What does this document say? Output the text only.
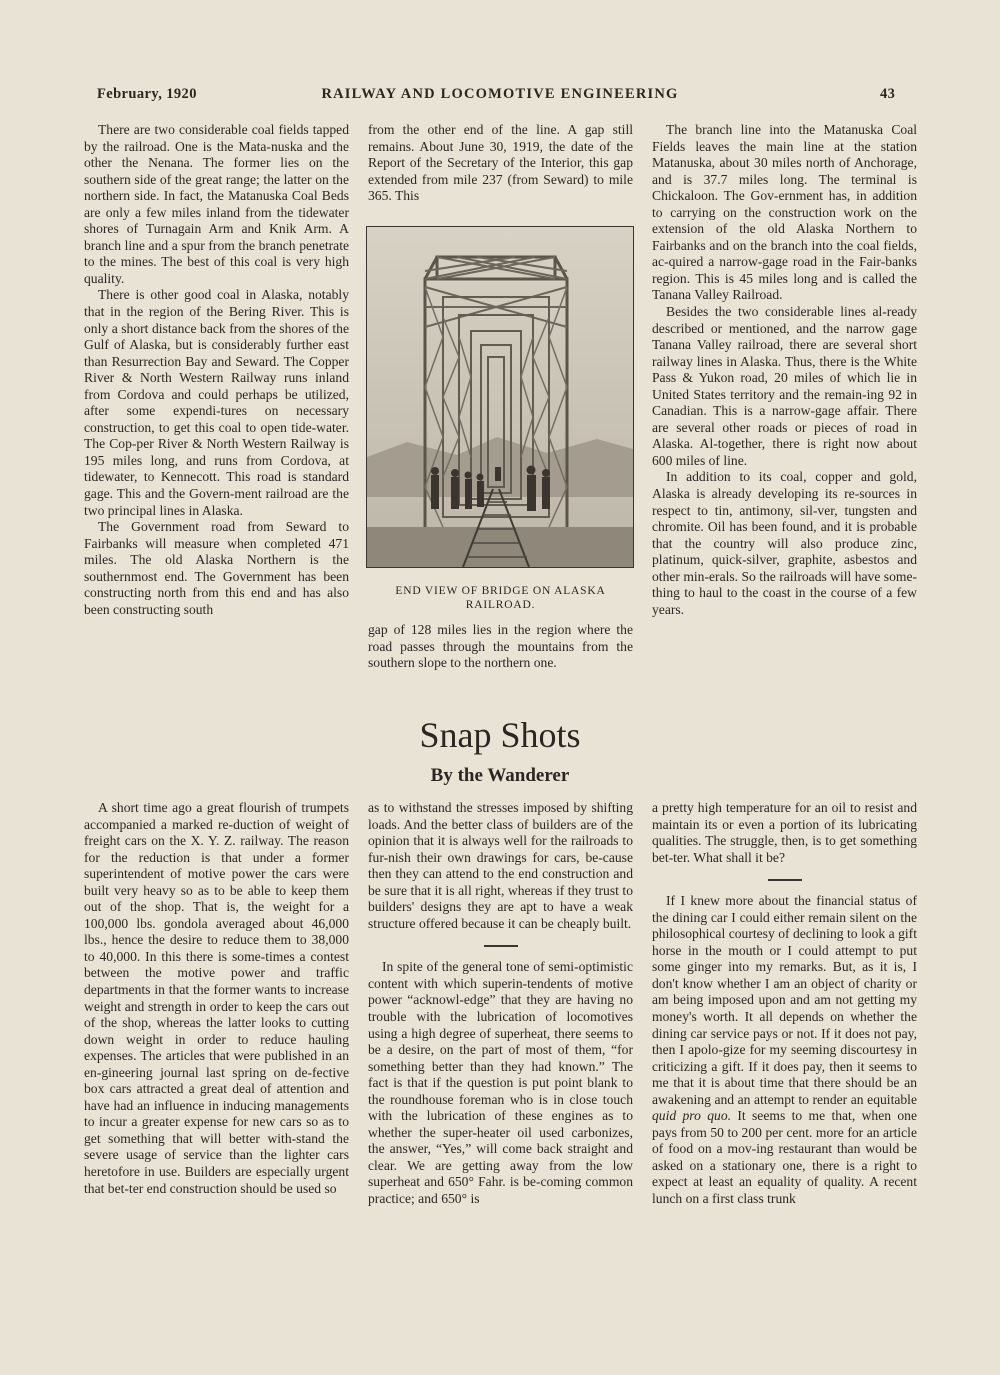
February, 1920	RAILWAY AND LOCOMOTIVE ENGINEERING	43

There are two considerable coal fields tapped by the railroad. One is the Mata-nuska and the other the Nenana. The former lies on the southern side of the great range; the latter on the northern side. In fact, the Matanuska Coal Beds are only a few miles inland from the tidewater shores of Turnagain Arm and Knik Arm. A branch line and a spur from the branch penetrate to the mines. The best of this coal is very high quality.

There is other good coal in Alaska, notably that in the region of the Bering River. This is only a short distance back from the shores of the Gulf of Alaska, but is considerably further east than Resurrection Bay and Seward. The Copper River & North Western Railway runs inland from Cordova and could perhaps be utilized, after some expendi-tures on necessary construction, to get this coal to open tide-water. The Cop-per River & North Western Railway is 195 miles long, and runs from Cordova, at tidewater, to Kennecott. This road is standard gage. This and the Govern-ment railroad are the two principal lines in Alaska.

The Government road from Seward to Fairbanks will measure when completed 471 miles. The old Alaska Northern is the southernmost end. The Government has been constructing north from this end and has also been constructing south

from the other end of the line. A gap still remains. About June 30, 1919, the date of the Report of the Secretary of the Interior, this gap extended from mile 237 (from Seward) to mile 365. This

END VIEW OF BRIDGE ON ALASKA RAILROAD.

gap of 128 miles lies in the region where the road passes through the mountains from the southern slope to the northern one.

The branch line into the Matanuska Coal Fields leaves the main line at the station Matanuska, about 30 miles north of Anchorage, and is 37.7 miles long. The terminal is Chickaloon. The Gov-ernment has, in addition to carrying on the construction work on the extension of the old Alaska Northern to Fairbanks and on the branch into the coal fields, ac-quired a narrow-gage road in the Fair-banks region. This is 45 miles long and is called the Tanana Valley Railroad.

Besides the two considerable lines al-ready described or mentioned, and the narrow gage Tanana Valley railroad, there are several short railway lines in Alaska. Thus, there is the White Pass & Yukon road, 20 miles of which lie in United States territory and the remain-ing 92 in Canadian. This is a narrow-gage affair. There are several other roads or pieces of road in Alaska. Al-together, there is right now about 600 miles of line.

In addition to its coal, copper and gold, Alaska is already developing its re-sources in respect to tin, antimony, sil-ver, tungsten and chromite. Oil has been found, and it is probable that the country will also produce zinc, platinum, quick-silver, graphite, asbestos and other min-erals. So the railroads will have some-thing to haul to the coast in the course of a few years.

Snap Shots
By the Wanderer

A short time ago a great flourish of trumpets accompanied a marked re-duction of weight of freight cars on the X. Y. Z. railway. The reason for the reduction is that under a former superintendent of motive power the cars were built very heavy so as to be able to keep them out of the shop. That is, the weight for a 100,000 lbs. gondola averaged about 46,000 lbs., hence the desire to reduce them to 38,000 to 40,000. In this there is some-times a contest between the motive power and traffic departments in that the former wants to increase weight and strength in order to keep the cars out of the shop, whereas the latter looks to cutting down weight in order to reduce hauling expenses. The articles that were published in an en-gineering journal last spring on de-fective box cars attracted a great deal of attention and have had an influence in inducing managements to incur a greater expense for new cars so as to get something that will better with-stand the severe usage of service than the lighter cars heretofore in use. Builders are especially urgent that bet-ter end construction should be used so

as to withstand the stresses imposed by shifting loads. And the better class of builders are of the opinion that it is always well for the railroads to fur-nish their own drawings for cars, be-cause then they can attend to the end construction and be sure that it is all right, whereas if they trust to builders' designs they are apt to have a weak structure offered because it can be cheaply built.

In spite of the general tone of semi-optimistic content with which superin-tendents of motive power “acknowl-edge” that they are having no trouble with the lubrication of locomotives using a high degree of superheat, there seems to be a desire, on the part of most of them, “for something better than they had known.” The fact is that if the question is put point blank to the roundhouse foreman who is in close touch with the lubrication of these engines as to whether the super-heater oil used carbonizes, the answer, “Yes,” will come back straight and clear. We are getting away from the low superheat and 650° Fahr. is be-coming common practice; and 650° is

a pretty high temperature for an oil to resist and maintain its or even a portion of its lubricating qualities. The struggle, then, is to get something bet-ter. What shall it be?

If I knew more about the financial status of the dining car I could either remain silent on the philosophical courtesy of declining to look a gift horse in the mouth or I could attempt to put some ginger into my remarks. But, as it is, I don't know whether I am an object of charity or am being imposed upon and am not getting my money's worth. It all depends on whether the dining car service pays or not. If it does not pay, then I apolo-gize for my seeming discourtesy in criticizing a gift. If it does pay, then it seems to me that it is about time that there should be an awakening and an attempt to render an equitable quid pro quo. It seems to me that, when one pays from 50 to 200 per cent. more for an article of food on a mov-ing restaurant than would be asked on a stationary one, there is a right to expect at least an equality of quality. A recent lunch on a first class trunk
